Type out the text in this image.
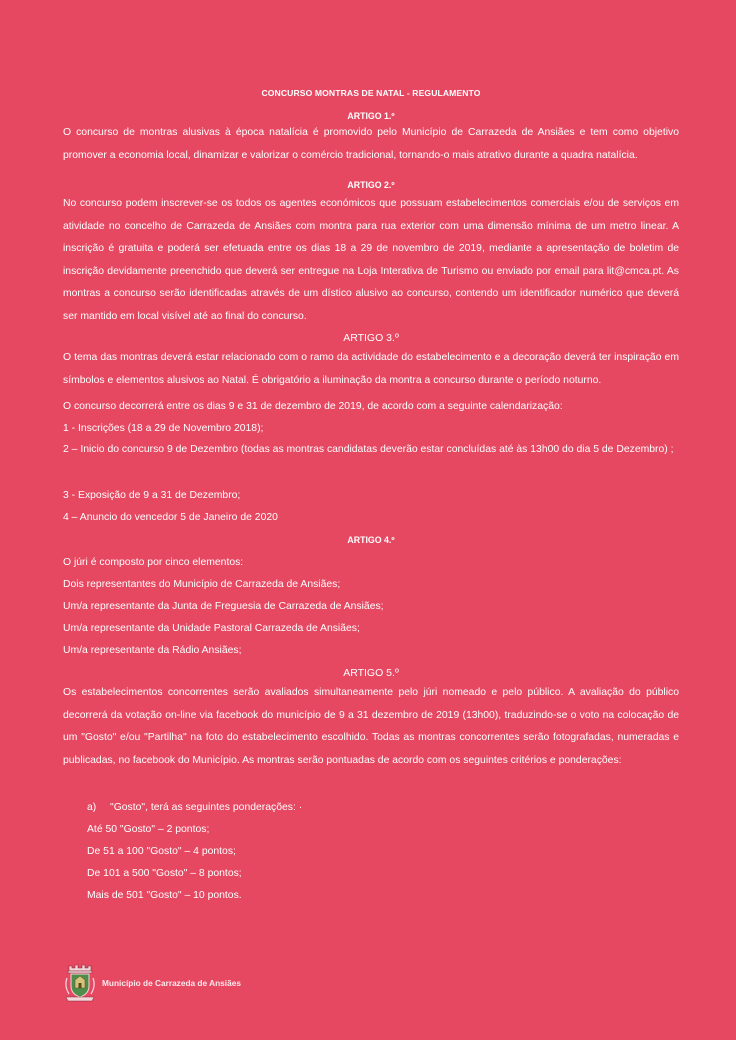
CONCURSO MONTRAS DE NATAL - REGULAMENTO
ARTIGO 1.º

O concurso de montras alusivas à época natalícia é promovido pelo Município de Carrazeda de Ansiães e tem como objetivo promover a economia local, dinamizar e valorizar o comércio tradicional, tornando-o mais atrativo durante a quadra natalícia.

ARTIGO 2.º

No concurso podem inscrever-se os todos os agentes económicos que possuam estabelecimentos comerciais e/ou de serviços em atividade no concelho de Carrazeda de Ansiães com montra para rua exterior com uma dimensão mínima de um metro linear. A inscrição é gratuita e poderá ser efetuada entre os dias 18 a 29 de novembro de 2019, mediante a apresentação de boletim de inscrição devidamente preenchido que deverá ser entregue na Loja Interativa de Turismo ou enviado por email para lit@cmca.pt. As montras a concurso serão identificadas através de um dístico alusivo ao concurso, contendo um identificador numérico que deverá ser mantido em local visível até ao final do concurso.

ARTIGO 3.º

O tema das montras deverá estar relacionado com o ramo da actividade do estabelecimento e a decoração deverá ter inspiração em símbolos e elementos alusivos ao Natal. É obrigatório a iluminação da montra a concurso durante o período noturno.

O concurso decorrerá entre os dias 9 e 31 de dezembro de 2019, de acordo com a seguinte calendarização:
1 - Inscrições (18 a 29 de Novembro 2018);

2 – Inicio do concurso 9 de Dezembro (todas as montras candidatas deverão estar concluídas até às 13h00 do dia 5 de Dezembro) ;

3 - Exposição de 9 a 31 de Dezembro;
4 – Anuncio do vencedor 5 de Janeiro de 2020
ARTIGO 4.º
O júri é composto por cinco elementos:
Dois representantes do Município de Carrazeda de Ansiães;
Um/a representante da Junta de Freguesia de Carrazeda de Ansiães;
Um/a representante da Unidade Pastoral Carrazeda de Ansiães;
Um/a representante da Rádio Ansiães;
ARTIGO 5.º

Os estabelecimentos concorrentes serão avaliados simultaneamente pelo júri nomeado e pelo público. A avaliação do público decorrerá da votação on-line via facebook do município de 9 a 31 dezembro de 2019 (13h00), traduzindo-se o voto na colocação de um "Gosto" e/ou "Partilha" na foto do estabelecimento escolhido. Todas as montras concorrentes serão fotografadas, numeradas e publicadas, no facebook do Município. As montras serão pontuadas de acordo com os seguintes critérios e ponderações:

a) "Gosto", terá as seguintes ponderações: ·
Até 50 "Gosto" – 2 pontos;
De 51 a 100 "Gosto" – 4 pontos;
De 101 a 500 "Gosto" – 8 pontos;
Mais de 501 "Gosto" – 10 pontos.
Município de Carrazeda de Ansiães
